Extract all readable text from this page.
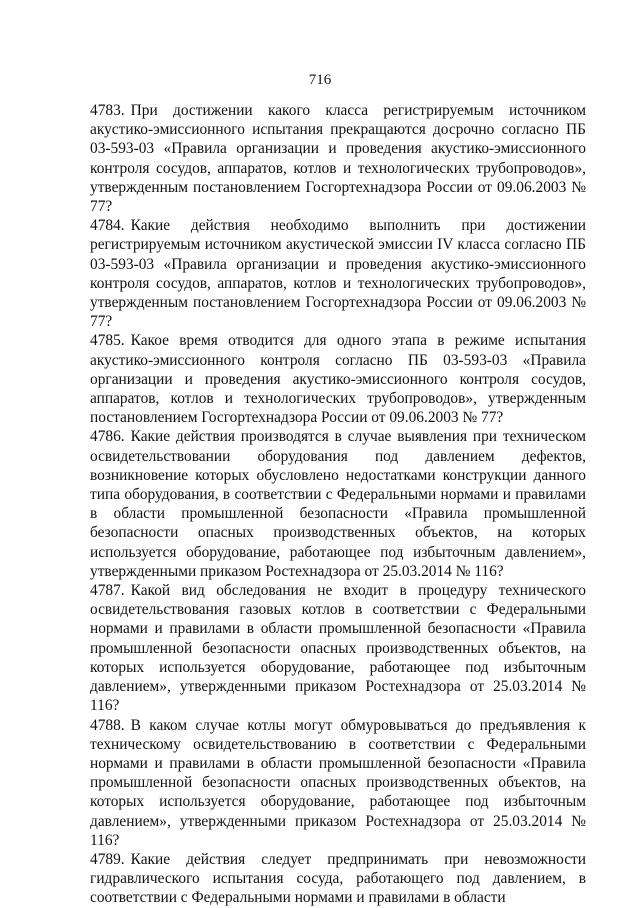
716

4783. При достижении какого класса регистрируемым источником акустико-эмиссионного испытания прекращаются досрочно согласно ПБ 03-593-03 «Правила организации и проведения акустико-эмиссионного контроля сосудов, аппаратов, котлов и технологических трубопроводов», утвержденным постановлением Госгортехнадзора России от 09.06.2003 № 77?

4784. Какие действия необходимо выполнить при достижении регистрируемым источником акустической эмиссии IV класса согласно ПБ 03-593-03 «Правила организации и проведения акустико-эмиссионного контроля сосудов, аппаратов, котлов и технологических трубопроводов», утвержденным постановлением Госгортехнадзора России от 09.06.2003 № 77?

4785. Какое время отводится для одного этапа в режиме испытания акустико-эмиссионного контроля согласно ПБ 03-593-03 «Правила организации и проведения акустико-эмиссионного контроля сосудов, аппаратов, котлов и технологических трубопроводов», утвержденным постановлением Госгортехнадзора России от 09.06.2003 № 77?

4786. Какие действия производятся в случае выявления при техническом освидетельствовании оборудования под давлением дефектов, возникновение которых обусловлено недостатками конструкции данного типа оборудования, в соответствии с Федеральными нормами и правилами в области промышленной безопасности «Правила промышленной безопасности опасных производственных объектов, на которых используется оборудование, работающее под избыточным давлением», утвержденными приказом Ростехнадзора от 25.03.2014 № 116?

4787. Какой вид обследования не входит в процедуру технического освидетельствования газовых котлов в соответствии с Федеральными нормами и правилами в области промышленной безопасности «Правила промышленной безопасности опасных производственных объектов, на которых используется оборудование, работающее под избыточным давлением», утвержденными приказом Ростехнадзора от 25.03.2014 № 116?

4788. В каком случае котлы могут обмуровываться до предъявления к техническому освидетельствованию в соответствии с Федеральными нормами и правилами в области промышленной безопасности «Правила промышленной безопасности опасных производственных объектов, на которых используется оборудование, работающее под избыточным давлением», утвержденными приказом Ростехнадзора от 25.03.2014 № 116?

4789. Какие действия следует предпринимать при невозможности гидравлического испытания сосуда, работающего под давлением, в соответствии с Федеральными нормами и правилами в области
